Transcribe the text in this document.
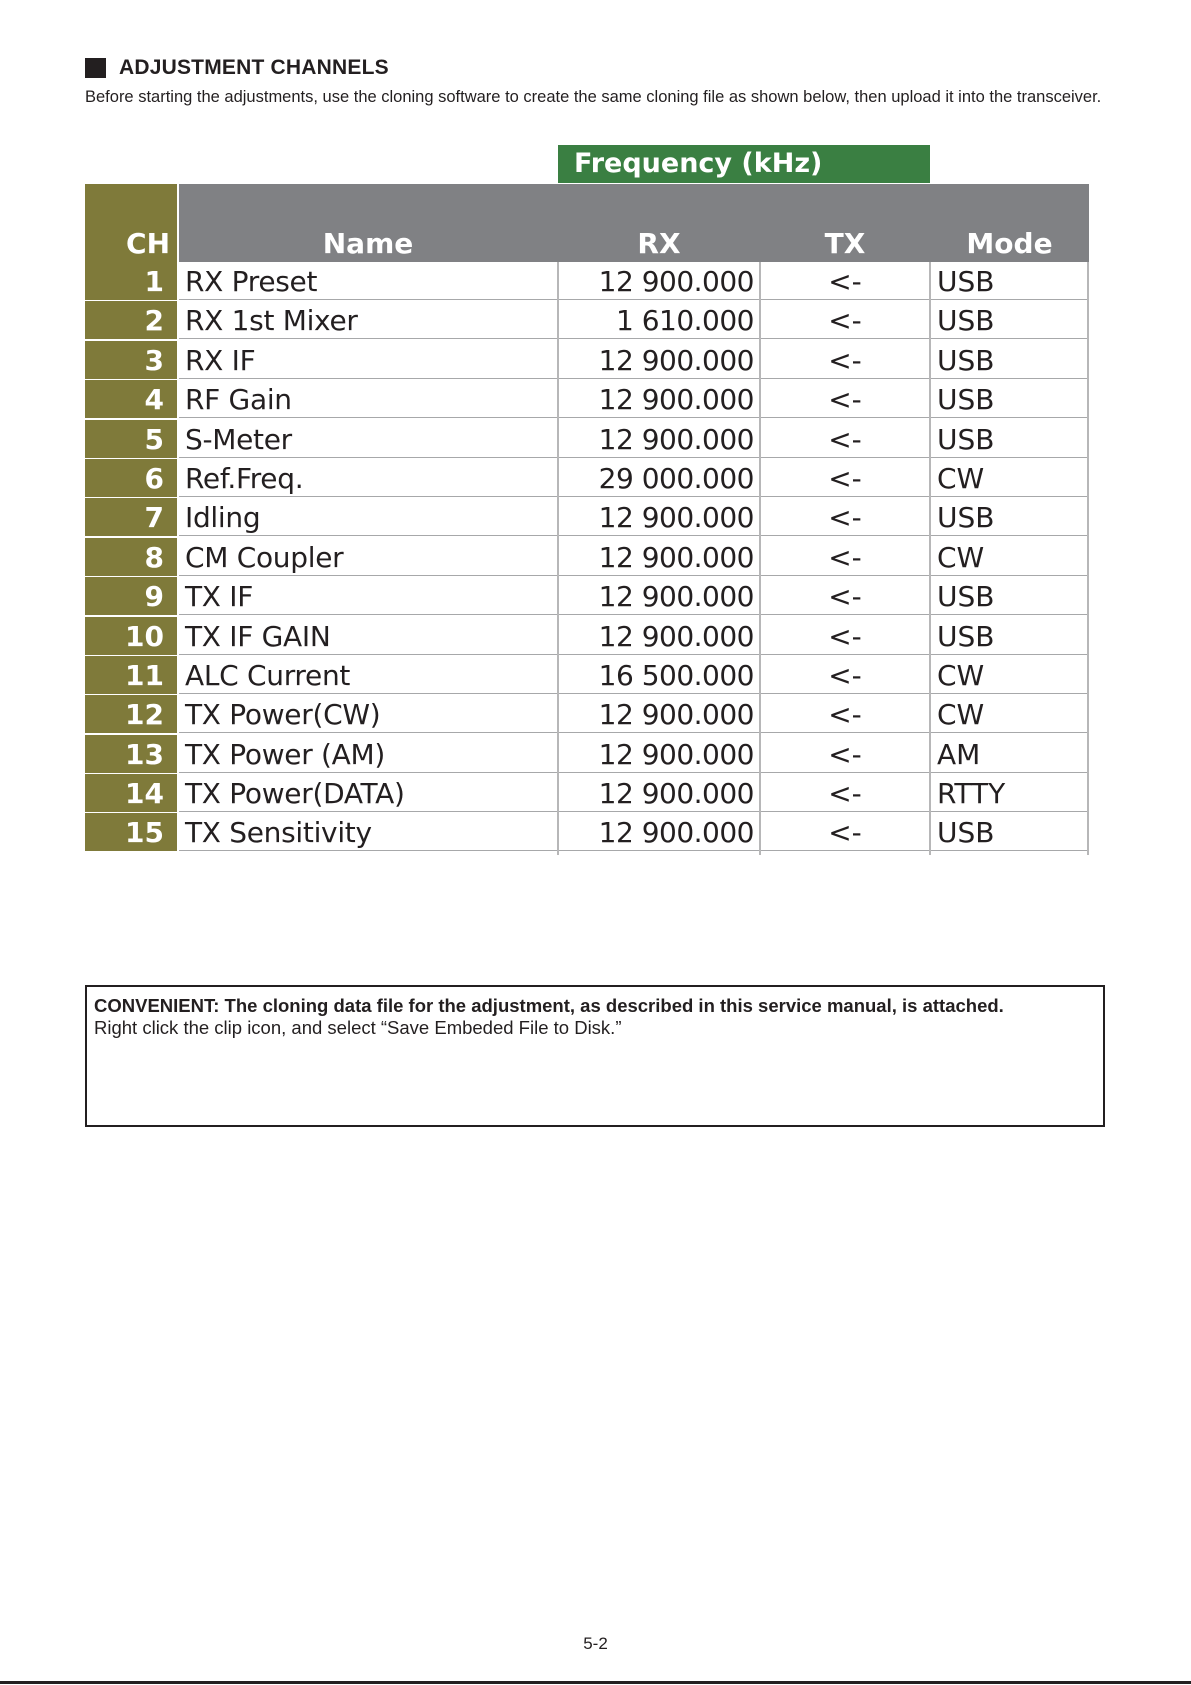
ADJUSTMENT CHANNELS
Before starting the adjustments, use the cloning software to create the same cloning file as shown below, then upload it into the transceiver.
Frequency (kHz)
CH	Name	RX	TX	Mode
1 RX Preset	12 900.000	<-	USB
2 RX 1st Mixer	1 610.000	<-	USB
3 RX IF	12 900.000	<-	USB
4 RF Gain	12 900.000	<-	USB
5 S-Meter	12 900.000	<-	USB
6 Ref.Freq.	29 000.000	<-	CW
7 Idling	12 900.000	<-	USB
8 CM Coupler	12 900.000	<-	CW
9 TX IF	12 900.000	<-	USB
10 TX IF GAIN	12 900.000	<-	USB
11 ALC Current	16 500.000	<-	CW
12 TX Power(CW)	12 900.000	<-	CW
13 TX Power (AM)	12 900.000	<-	AM
14 TX Power(DATA)	12 900.000	<-	RTTY
15 TX Sensitivity	12 900.000	<-	USB
CONVENIENT: The cloning data file for the adjustment, as described in this service manual, is attached.
Right click the clip icon, and select “Save Embeded File to Disk.”
5-2
